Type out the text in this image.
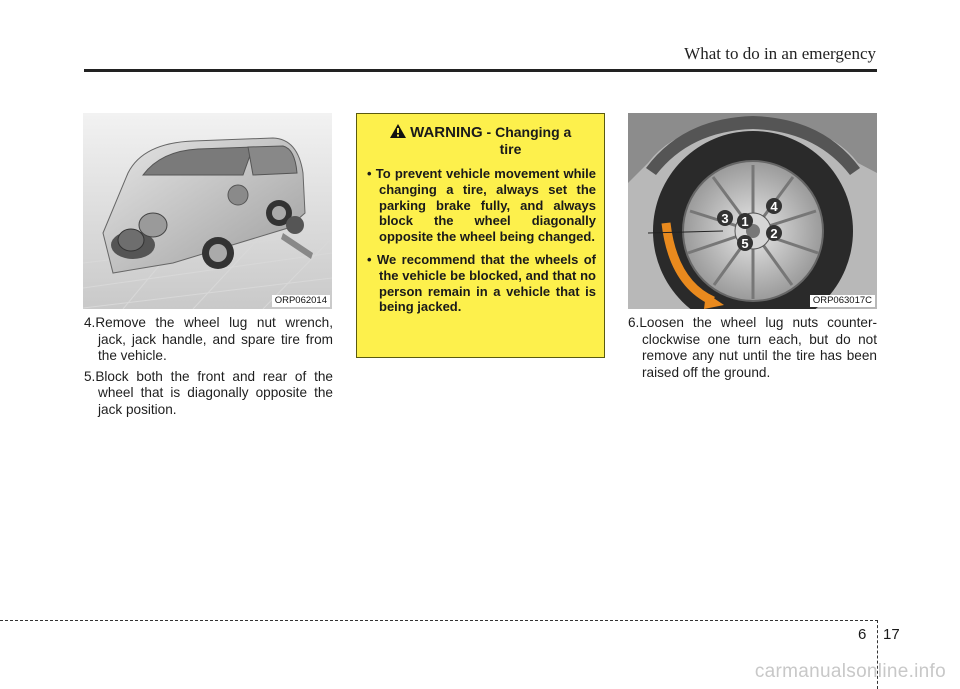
What to do in an emergency
ORP062014

4.Remove the wheel lug nut wrench, jack, jack handle, and spare tire from the vehicle.

5.Block both the front and rear of the wheel that is diagonally opposite the jack position.

WARNING - Changing a
tire
• To prevent vehicle movement while changing a tire, always set the parking brake fully, and always block the wheel diagonally opposite the wheel being changed.
• We recommend that the wheels of the vehicle be blocked, and that no person remain in a vehicle that is being jacked.
1
4
3
2
5
ORP063017C

6.Loosen the wheel lug nuts counter-clockwise one turn each, but do not remove any nut until the tire has been raised off the ground.

6 17
carmanualsonline.info
